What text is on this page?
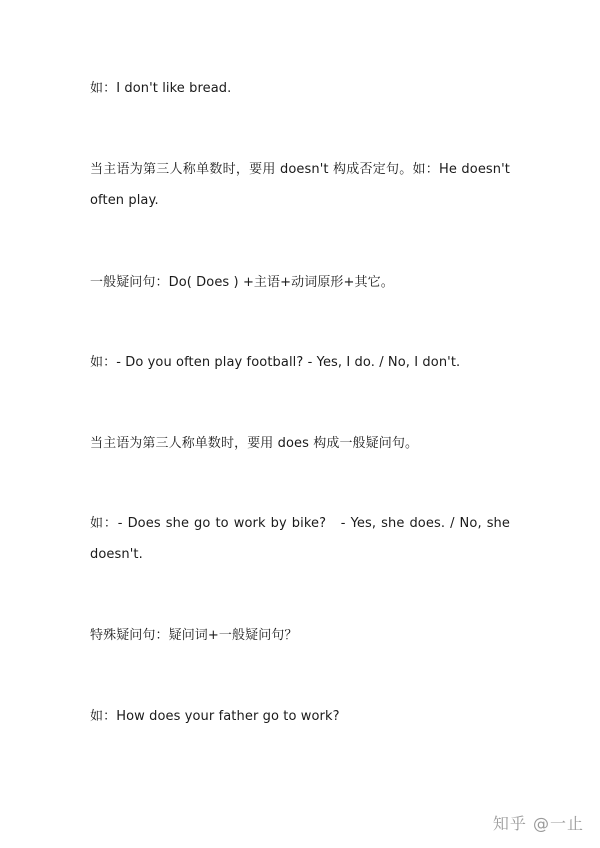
如：I don't like bread.

当主语为第三人称单数时，要用 doesn't 构成否定句。如：He doesn't often play.

一般疑问句：Do( Does ) +主语+动词原形+其它。

如：- Do you often play football? - Yes, I do. / No, I don't.

当主语为第三人称单数时，要用 does 构成一般疑问句。

如：- Does she go to work by bike?　- Yes, she does. / No, she doesn't.

特殊疑问句：疑问词+一般疑问句？

如：How does your father go to work?

知乎 @一止
